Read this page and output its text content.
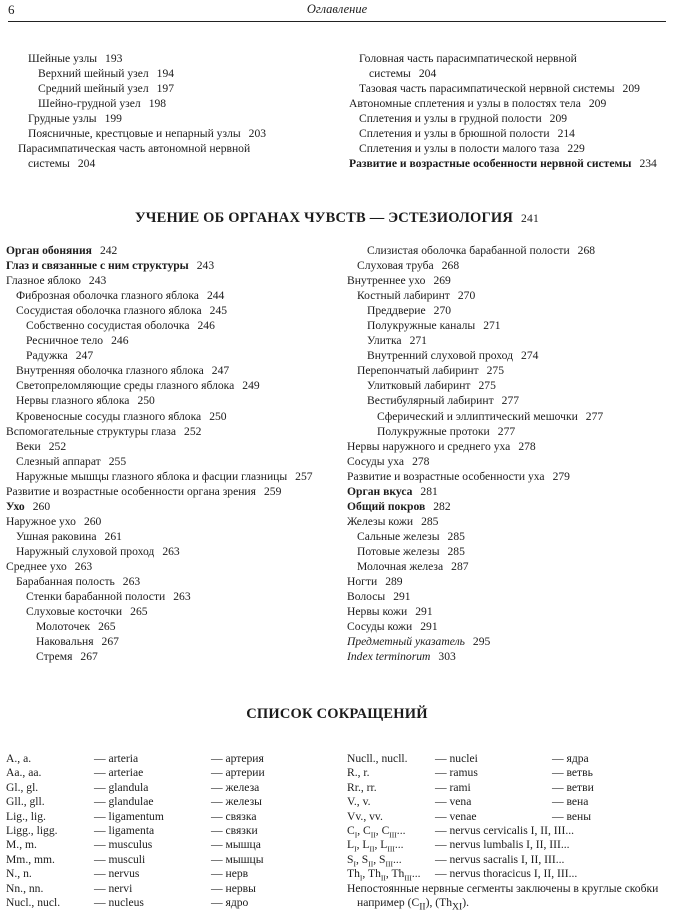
6	Оглавление
Шейные узлы 193
Верхний шейный узел 194
Средний шейный узел 197
Шейно-грудной узел 198
Грудные узлы 199
Поясничные, крестцовые и непарный узлы 203
Парасимпатическая часть автономной нервной
системы 204
Головная часть парасимпатической нервной
системы 204
Тазовая часть парасимпатической нервной системы 209
Автономные сплетения и узлы в полостях тела 209
Сплетения и узлы в грудной полости 209
Сплетения и узлы в брюшной полости 214
Сплетения и узлы в полости малого таза 229
Развитие и возрастные особенности нервной системы 234
УЧЕНИЕ ОБ ОРГАНАХ ЧУВСТВ — ЭСТЕЗИОЛОГИЯ 241
Орган обоняния 242
Глаз и связанные с ним структуры 243
Глазное яблоко 243
Фиброзная оболочка глазного яблока 244
Сосудистая оболочка глазного яблока 245
Собственно сосудистая оболочка 246
Ресничное тело 246
Радужка 247
Внутренняя оболочка глазного яблока 247
Светопреломляющие среды глазного яблока 249
Нервы глазного яблока 250
Кровеносные сосуды глазного яблока 250
Вспомогательные структуры глаза 252
Веки 252
Слезный аппарат 255
Наружные мышцы глазного яблока и фасции глазницы 257
Развитие и возрастные особенности органа зрения 259
Ухо 260
Наружное ухо 260
Ушная раковина 261
Наружный слуховой проход 263
Среднее ухо 263
Барабанная полость 263
Стенки барабанной полости 263
Слуховые косточки 265
Молоточек 265
Наковальня 267
Стремя 267
Слизистая оболочка барабанной полости 268
Слуховая труба 268
Внутреннее ухо 269
Костный лабиринт 270
Преддверие 270
Полукружные каналы 271
Улитка 271
Внутренний слуховой проход 274
Перепончатый лабиринт 275
Улитковый лабиринт 275
Вестибулярный лабиринт 277
Сферический и эллиптический мешочки 277
Полукружные протоки 277
Нервы наружного и среднего уха 278
Сосуды уха 278
Развитие и возрастные особенности уха 279
Орган вкуса 281
Общий покров 282
Железы кожи 285
Сальные железы 285
Потовые железы 285
Молочная железа 287
Ногти 289
Волосы 291
Нервы кожи 291
Сосуды кожи 291
Предметный указатель 295
Index terminorum 303
СПИСОК СОКРАЩЕНИЙ
A., a.	— arteria	— артерия
Aa., aa.	— arteriae	— артерии
Gl., gl.	— glandula	— железа
Gll., gll.	— glandulae	— железы
Lig., lig.	— ligamentum	— связка
Ligg., ligg.	— ligamenta	— связки
M., m.	— musculus	— мышца
Mm., mm.	— musculi	— мышцы
N., n.	— nervus	— нерв
Nn., nn.	— nervi	— нервы
Nucl., nucl.	— nucleus	— ядро
Nucll., nucll. — nuclei	— ядра
R., r.	— ramus	— ветвь
Rr., rr.	— rami	— ветви
V., v.	— vena	— вена
Vv., vv.	— venae	— вены
$C_I$, $C_{II}$, $C_{III}$...	— nervus cervicalis I, II, III...
$L_I$, $L_{II}$, $L_{III}$...	— nervus lumbalis I, II, III...
$S_I$, $S_{II}$, $S_{III}$...	— nervus sacralis I, II, III...
$Th_I$, $Th_{II}$, $Th_{III}$... — nervus thoracicus I, II, III...
Непостоянные нервные сегменты заключены в круглые скобки
например $(C_{II})$, $(Th_{XI})$.
